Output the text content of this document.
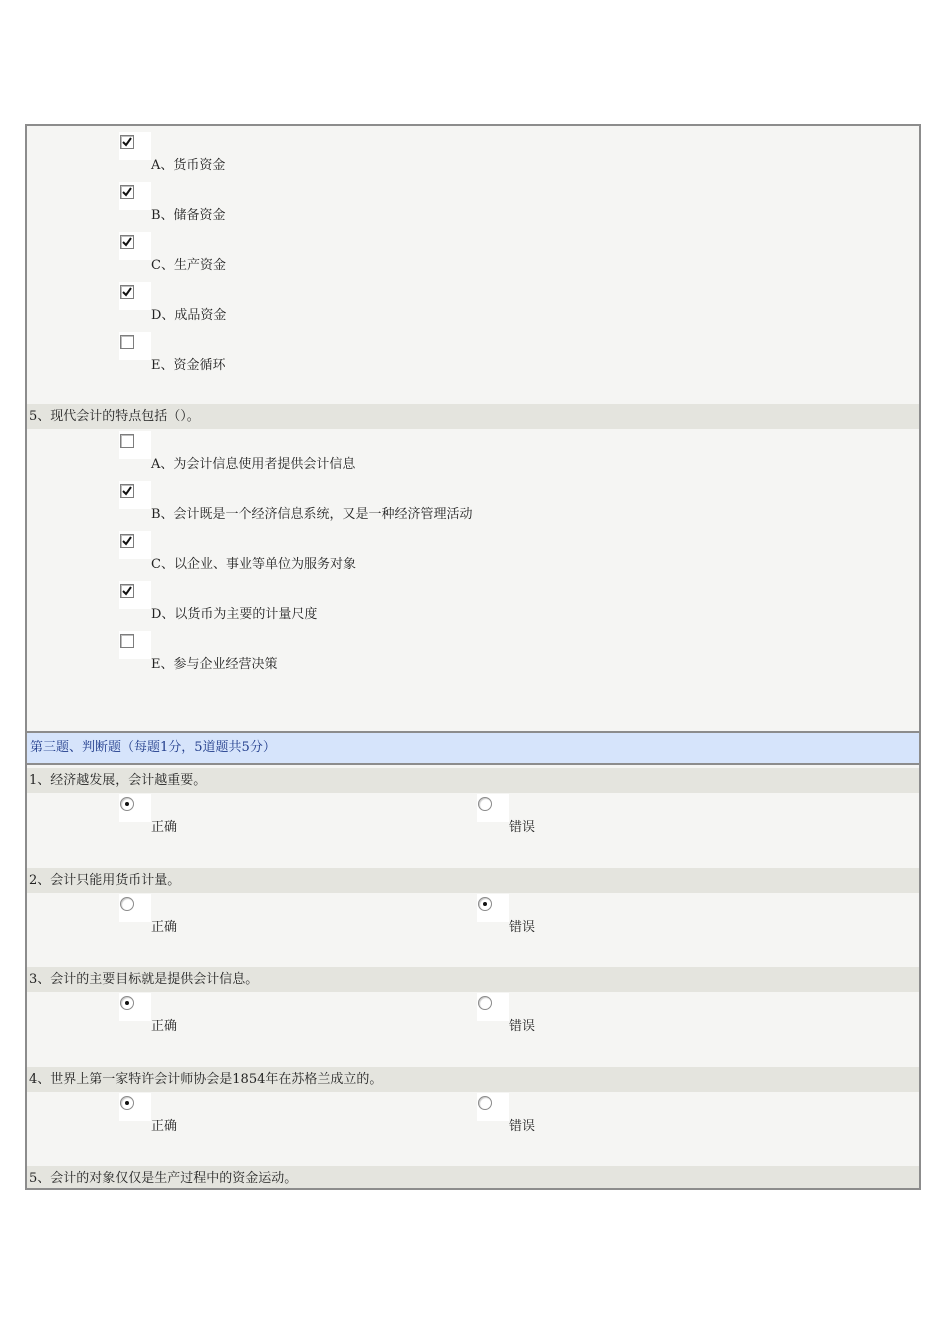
A、货币资金
B、储备资金
C、生产资金
D、成品资金
E、资金循环
5、现代会计的特点包括（）。
A、为会计信息使用者提供会计信息
B、会计既是一个经济信息系统，又是一种经济管理活动
C、以企业、事业等单位为服务对象
D、以货币为主要的计量尺度
E、参与企业经营决策
第三题、判断题（每题1分，5道题共5分）
1、经济越发展，会计越重要。
正确	错误
2、会计只能用货币计量。
正确	错误
3、会计的主要目标就是提供会计信息。
正确	错误
4、世界上第一家特许会计师协会是1854年在苏格兰成立的。
正确	错误
5、会计的对象仅仅是生产过程中的资金运动。
